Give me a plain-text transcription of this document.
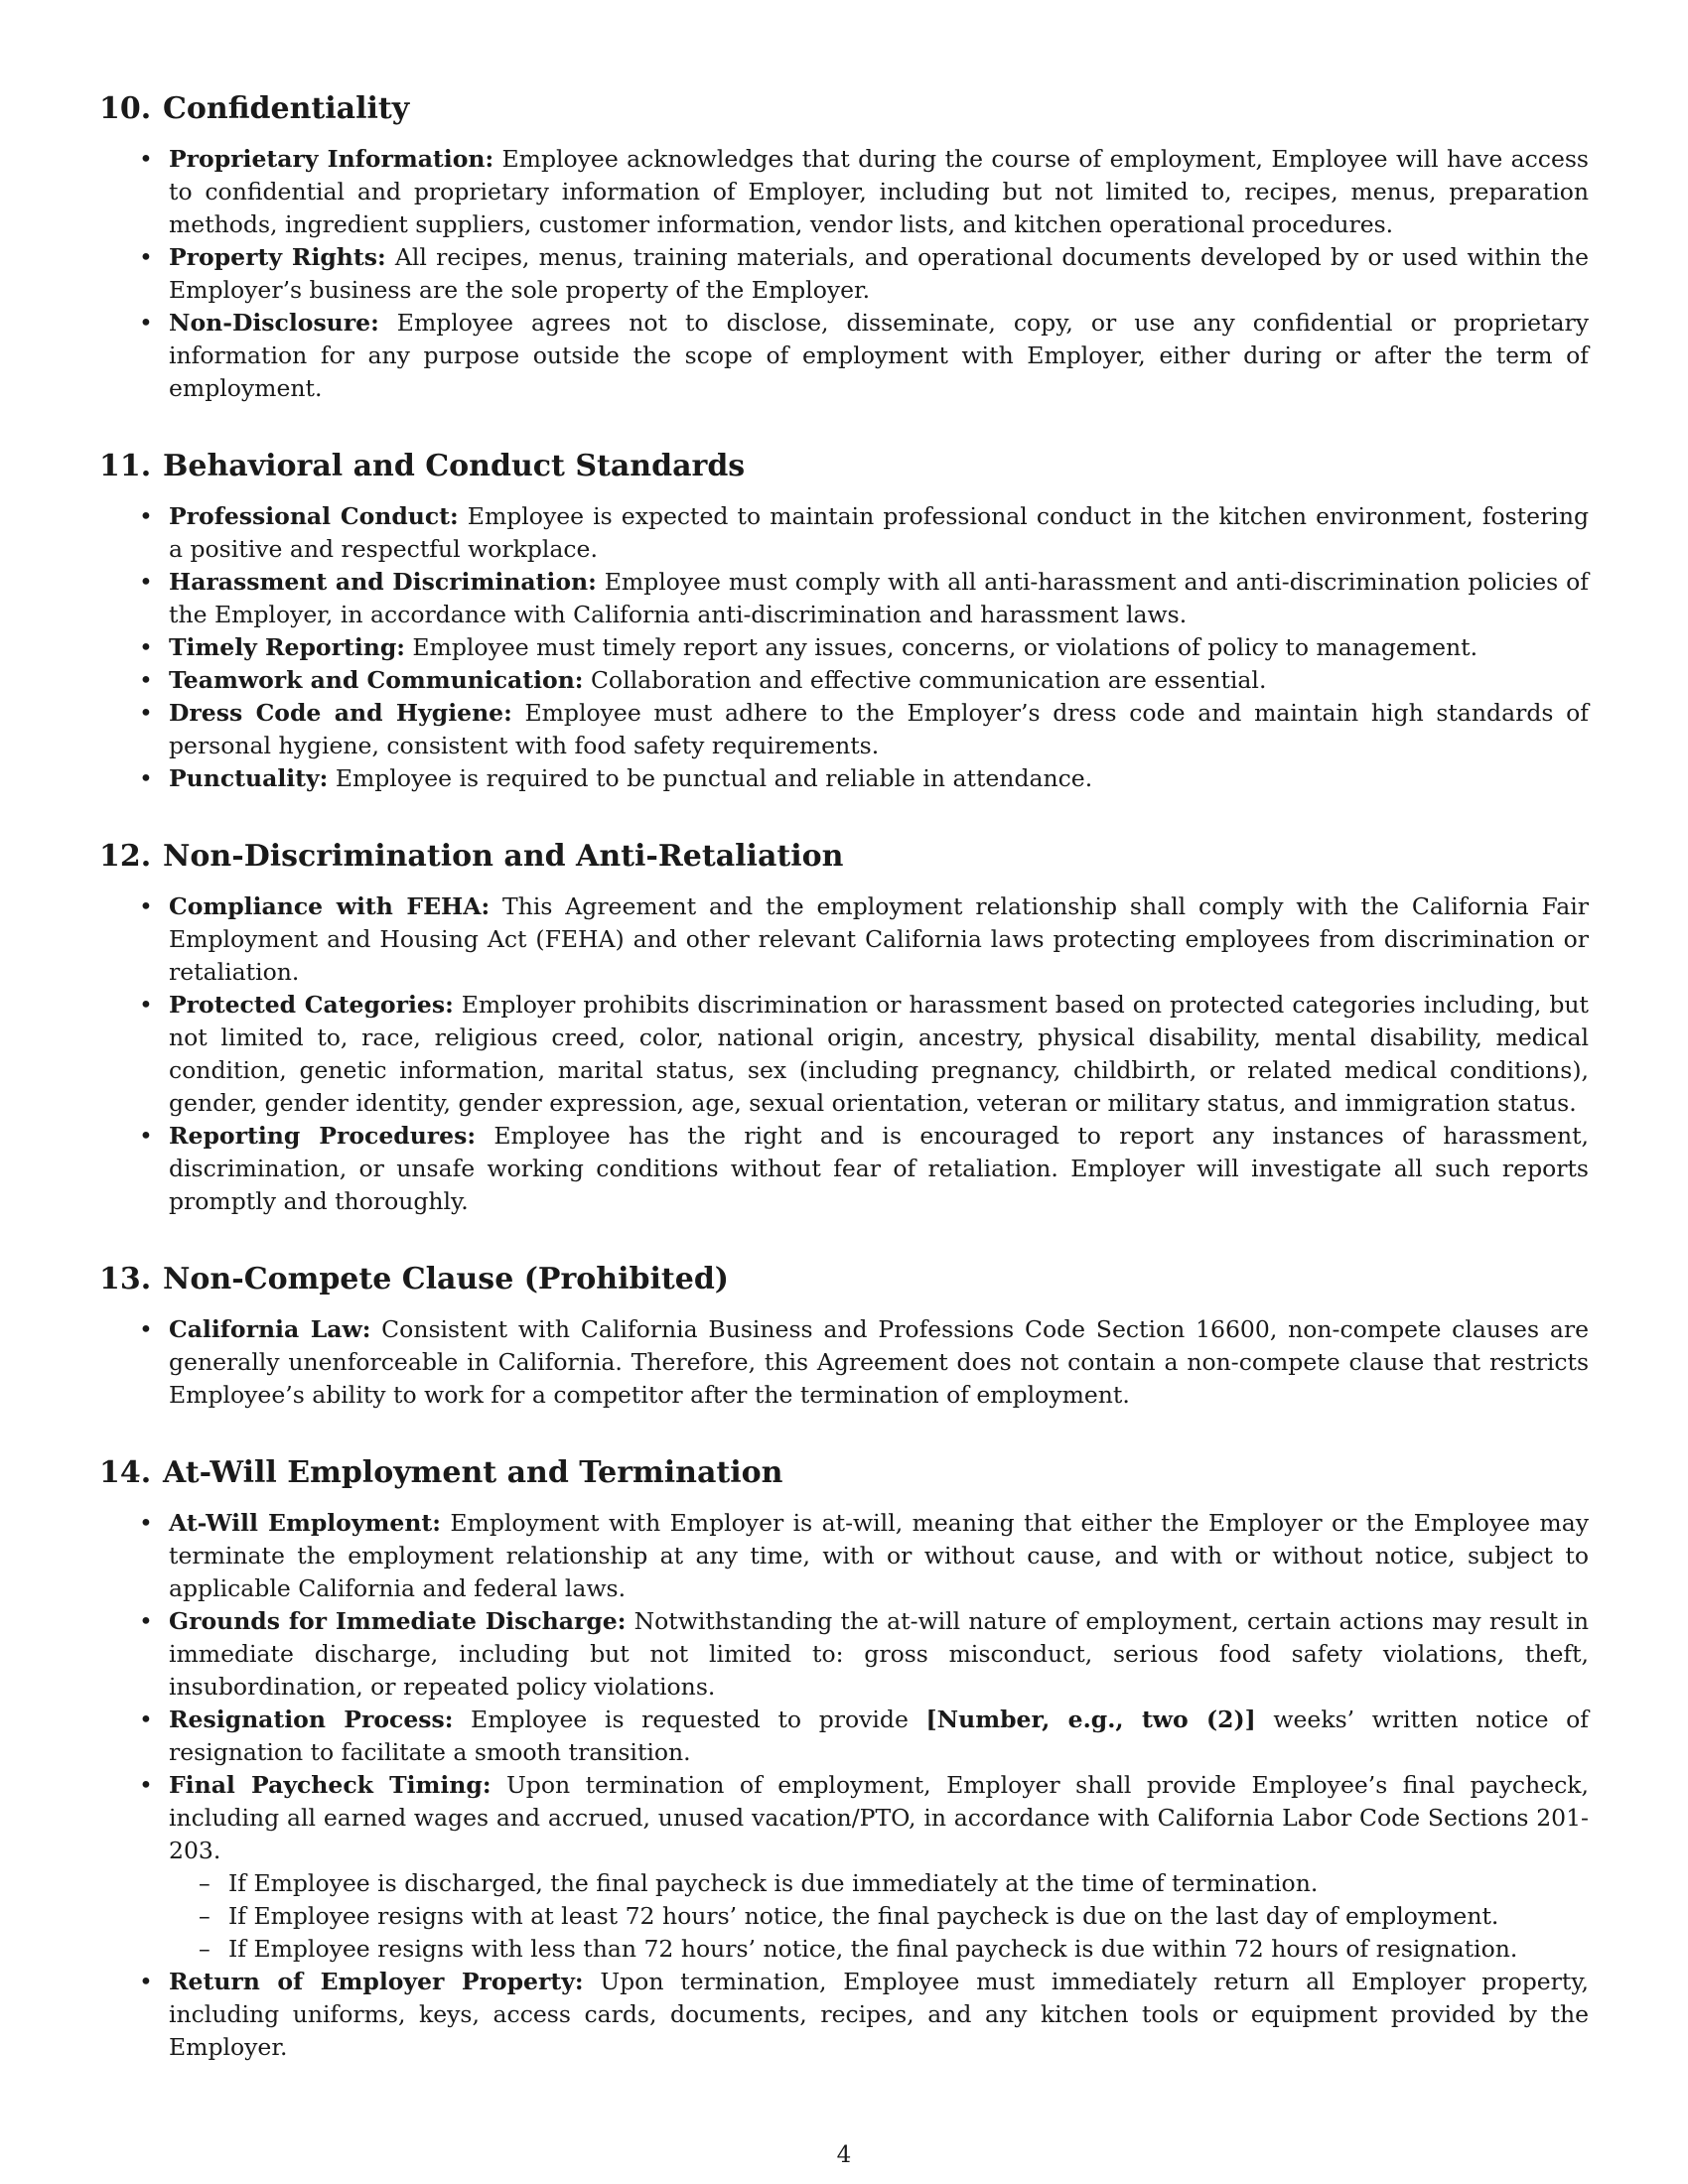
10. Confidentiality
• Proprietary Information: Employee acknowledges that during the course of employment, Employee will have access to confidential and proprietary information of Employer, including but not limited to, recipes, menus, preparation methods, ingredient suppliers, customer information, vendor lists, and kitchen operational procedures.
• Property Rights: All recipes, menus, training materials, and operational documents developed by or used within the Employer’s business are the sole property of the Employer.
• Non-Disclosure: Employee agrees not to disclose, disseminate, copy, or use any confidential or proprietary information for any purpose outside the scope of employment with Employer, either during or after the term of employment.
11. Behavioral and Conduct Standards
• Professional Conduct: Employee is expected to maintain professional conduct in the kitchen environment, fostering a positive and respectful workplace.
• Harassment and Discrimination: Employee must comply with all anti-harassment and anti-discrimination policies of the Employer, in accordance with California anti-discrimination and harassment laws.
• Timely Reporting: Employee must timely report any issues, concerns, or violations of policy to management.
• Teamwork and Communication: Collaboration and effective communication are essential.
• Dress Code and Hygiene: Employee must adhere to the Employer’s dress code and maintain high standards of personal hygiene, consistent with food safety requirements.
• Punctuality: Employee is required to be punctual and reliable in attendance.
12. Non-Discrimination and Anti-Retaliation
• Compliance with FEHA: This Agreement and the employment relationship shall comply with the California Fair Employment and Housing Act (FEHA) and other relevant California laws protecting employees from discrimination or retaliation.
• Protected Categories: Employer prohibits discrimination or harassment based on protected categories including, but not limited to, race, religious creed, color, national origin, ancestry, physical disability, mental disability, medical condition, genetic information, marital status, sex (including pregnancy, childbirth, or related medical conditions), gender, gender identity, gender expression, age, sexual orientation, veteran or military status, and immigration status.
• Reporting Procedures: Employee has the right and is encouraged to report any instances of harassment, discrimination, or unsafe working conditions without fear of retaliation. Employer will investigate all such reports promptly and thoroughly.
13. Non-Compete Clause (Prohibited)
• California Law: Consistent with California Business and Professions Code Section 16600, non-compete clauses are generally unenforceable in California. Therefore, this Agreement does not contain a non-compete clause that restricts Employee’s ability to work for a competitor after the termination of employment.
14. At-Will Employment and Termination
• At-Will Employment: Employment with Employer is at-will, meaning that either the Employer or the Employee may terminate the employment relationship at any time, with or without cause, and with or without notice, subject to applicable California and federal laws.
• Grounds for Immediate Discharge: Notwithstanding the at-will nature of employment, certain actions may result in immediate discharge, including but not limited to: gross misconduct, serious food safety violations, theft, insubordination, or repeated policy violations.
• Resignation Process: Employee is requested to provide [Number, e.g., two (2)] weeks’ written notice of resignation to facilitate a smooth transition.
• Final Paycheck Timing: Upon termination of employment, Employer shall provide Employee’s final paycheck, including all earned wages and accrued, unused vacation/PTO, in accordance with California Labor Code Sections 201-203.
– If Employee is discharged, the final paycheck is due immediately at the time of termination.
– If Employee resigns with at least 72 hours’ notice, the final paycheck is due on the last day of employment.
– If Employee resigns with less than 72 hours’ notice, the final paycheck is due within 72 hours of resignation.
• Return of Employer Property: Upon termination, Employee must immediately return all Employer property, including uniforms, keys, access cards, documents, recipes, and any kitchen tools or equipment provided by the Employer.
4
